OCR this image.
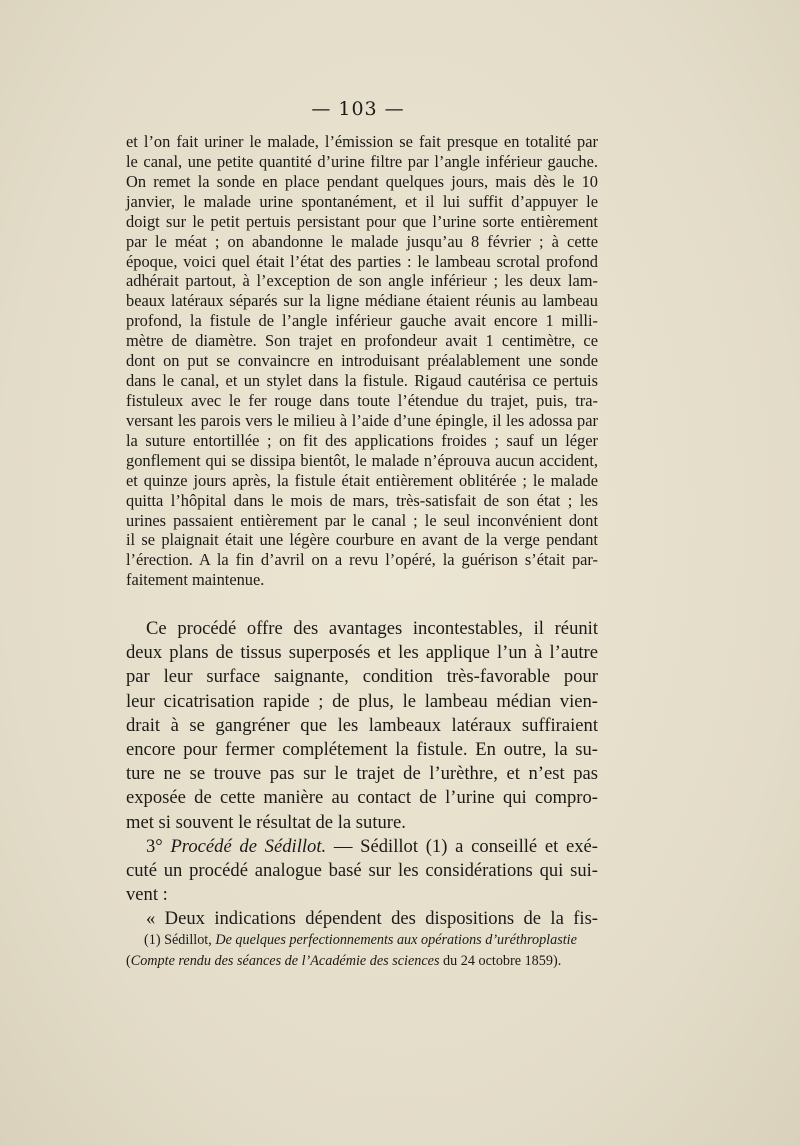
— 103 —
et l’on fait uriner le malade, l’émission se fait presque en totalité par
le canal, une petite quantité d’urine filtre par l’angle inférieur gauche.
On remet la sonde en place pendant quelques jours, mais dès le 10
janvier, le malade urine spontanément, et il lui suffit d’appuyer le
doigt sur le petit pertuis persistant pour que l’urine sorte entièrement
par le méat ; on abandonne le malade jusqu’au 8 février ; à cette
époque, voici quel était l’état des parties : le lambeau scrotal profond
adhérait partout, à l’exception de son angle inférieur ; les deux lam-
beaux latéraux séparés sur la ligne médiane étaient réunis au lambeau
profond, la fistule de l’angle inférieur gauche avait encore 1 milli-
mètre de diamètre. Son trajet en profondeur avait 1 centimètre, ce
dont on put se convaincre en introduisant préalablement une sonde
dans le canal, et un stylet dans la fistule. Rigaud cautérisa ce pertuis
fistuleux avec le fer rouge dans toute l’étendue du trajet, puis, tra-
versant les parois vers le milieu à l’aide d’une épingle, il les adossa par
la suture entortillée ; on fit des applications froides ; sauf un léger
gonflement qui se dissipa bientôt, le malade n’éprouva aucun accident,
et quinze jours après, la fistule était entièrement oblitérée ; le malade
quitta l’hôpital dans le mois de mars, très-satisfait de son état ; les
urines passaient entièrement par le canal ; le seul inconvénient dont
il se plaignait était une légère courbure en avant de la verge pendant
l’érection. A la fin d’avril on a revu l’opéré, la guérison s’était par-
faitement maintenue.
Ce procédé offre des avantages incontestables, il réunit
deux plans de tissus superposés et les applique l’un à l’autre
par leur surface saignante, condition très-favorable pour
leur cicatrisation rapide ; de plus, le lambeau médian vien-
drait à se gangréner que les lambeaux latéraux suffiraient
encore pour fermer complétement la fistule. En outre, la su-
ture ne se trouve pas sur le trajet de l’urèthre, et n’est pas
exposée de cette manière au contact de l’urine qui compro-
met si souvent le résultat de la suture.
3° Procédé de Sédillot. — Sédillot (1) a conseillé et exé-
cuté un procédé analogue basé sur les considérations qui sui-
vent :
« Deux indications dépendent des dispositions de la fis-
(1) Sédillot, De quelques perfectionnements aux opérations d’uréthroplastie
(Compte rendu des séances de l’Académie des sciences du 24 octobre 1859).
